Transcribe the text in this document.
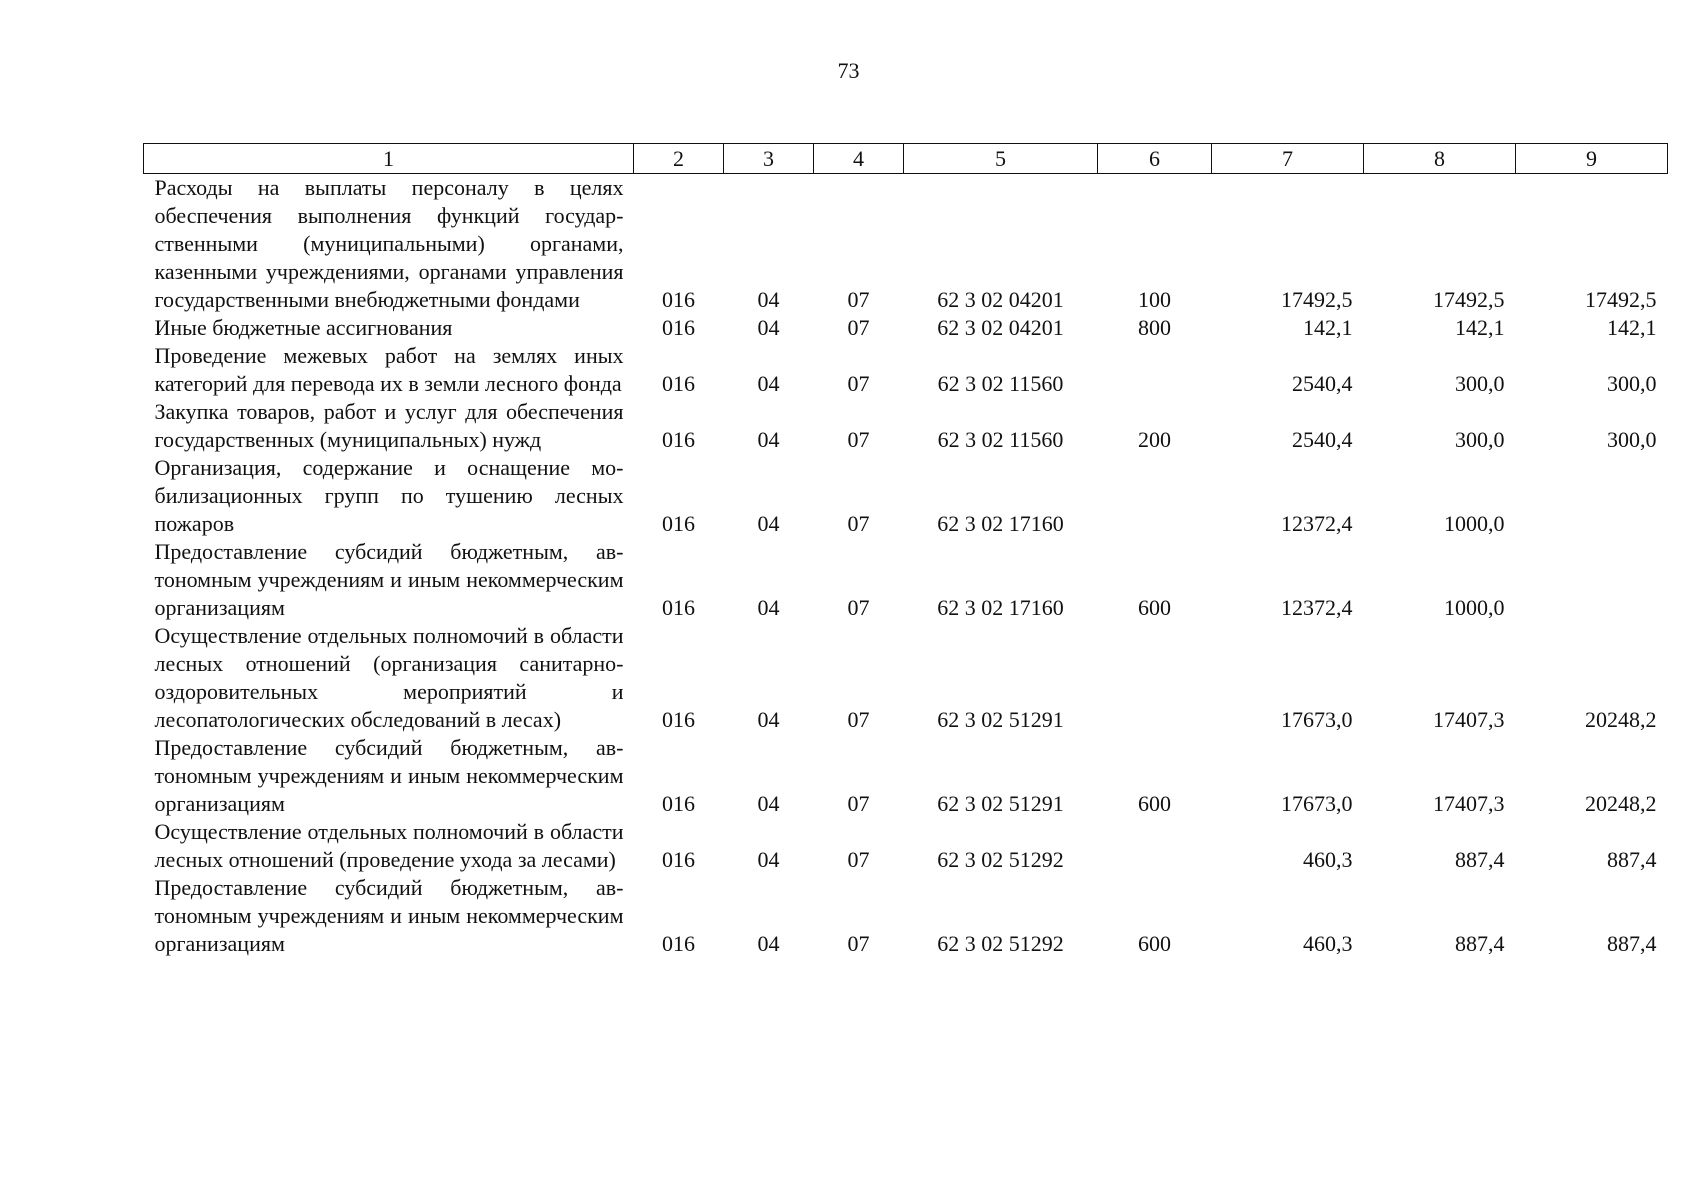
73
1	2	3	4	5	6	7	8	9
Расходы на выплаты персоналу в целях обеспечения выполнения функций государственными (муниципальными) органами, казенными учреждениями, органами управления государственными внебюджетными фондами	016	04	07	62 3 02 04201	100	17492,5	17492,5	17492,5
Иные бюджетные ассигнования	016	04	07	62 3 02 04201	800	142,1	142,1	142,1
Проведение межевых работ на землях иных категорий для перевода их в земли лесного фонда	016	04	07	62 3 02 11560		2540,4	300,0	300,0
Закупка товаров, работ и услуг для обеспечения государственных (муниципальных) нужд	016	04	07	62 3 02 11560	200	2540,4	300,0	300,0
Организация, содержание и оснащение мобилизационных групп по тушению лесных пожаров	016	04	07	62 3 02 17160		12372,4	1000,0	
Предоставление субсидий бюджетным, автономным учреждениям и иным некоммерческим организациям	016	04	07	62 3 02 17160	600	12372,4	1000,0	
Осуществление отдельных полномочий в области лесных отношений (организация санитарно-оздоровительных мероприятий и лесопатологических обследований в лесах)	016	04	07	62 3 02 51291		17673,0	17407,3	20248,2
Предоставление субсидий бюджетным, автономным учреждениям и иным некоммерческим организациям	016	04	07	62 3 02 51291	600	17673,0	17407,3	20248,2
Осуществление отдельных полномочий в области лесных отношений (проведение ухода за лесами)	016	04	07	62 3 02 51292		460,3	887,4	887,4
Предоставление субсидий бюджетным, автономным учреждениям и иным некоммерческим организациям	016	04	07	62 3 02 51292	600	460,3	887,4	887,4
